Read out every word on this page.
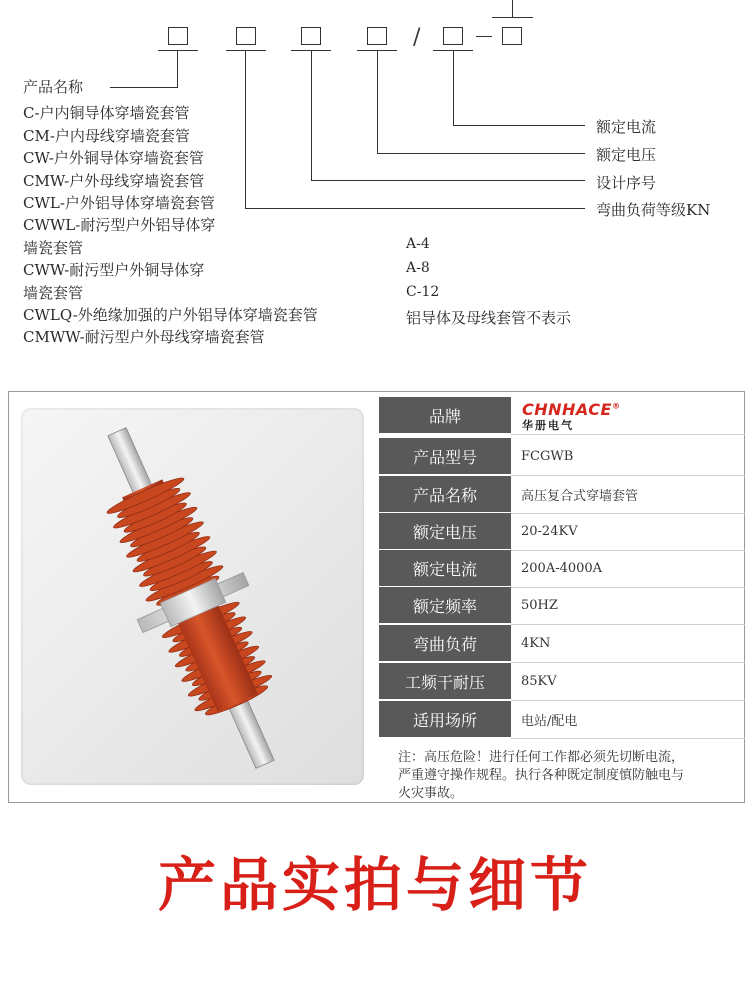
/
额定电流
额定电压
设计序号
弯曲负荷等级KN
产品名称
C-户内铜导体穿墙瓷套管
CM-户内母线穿墙瓷套管
CW-户外铜导体穿墙瓷套管
CMW-户外母线穿墙瓷套管
CWL-户外铝导体穿墙瓷套管
CWWL-耐污型户外铝导体穿
墙瓷套管
CWW-耐污型户外铜导体穿
墙瓷套管
CWLQ-外绝缘加强的户外铝导体穿墙瓷套管
CMWW-耐污型户外母线穿墙瓷套管
A-4
A-8
C-12
铝导体及母线套管不表示
品牌	CHNHACE®
华册电气
产品型号	FCGWB
产品名称	高压复合式穿墙套管
额定电压	20-24KV
额定电流	200A-4000A
额定频率	50HZ
弯曲负荷	4KN
工频干耐压	85KV
适用场所	电站/配电
注：高压危险！进行任何工作都必须先切断电流，
严重遵守操作规程。执行各种既定制度慎防触电与
火灾事故。
产品实拍与细节
